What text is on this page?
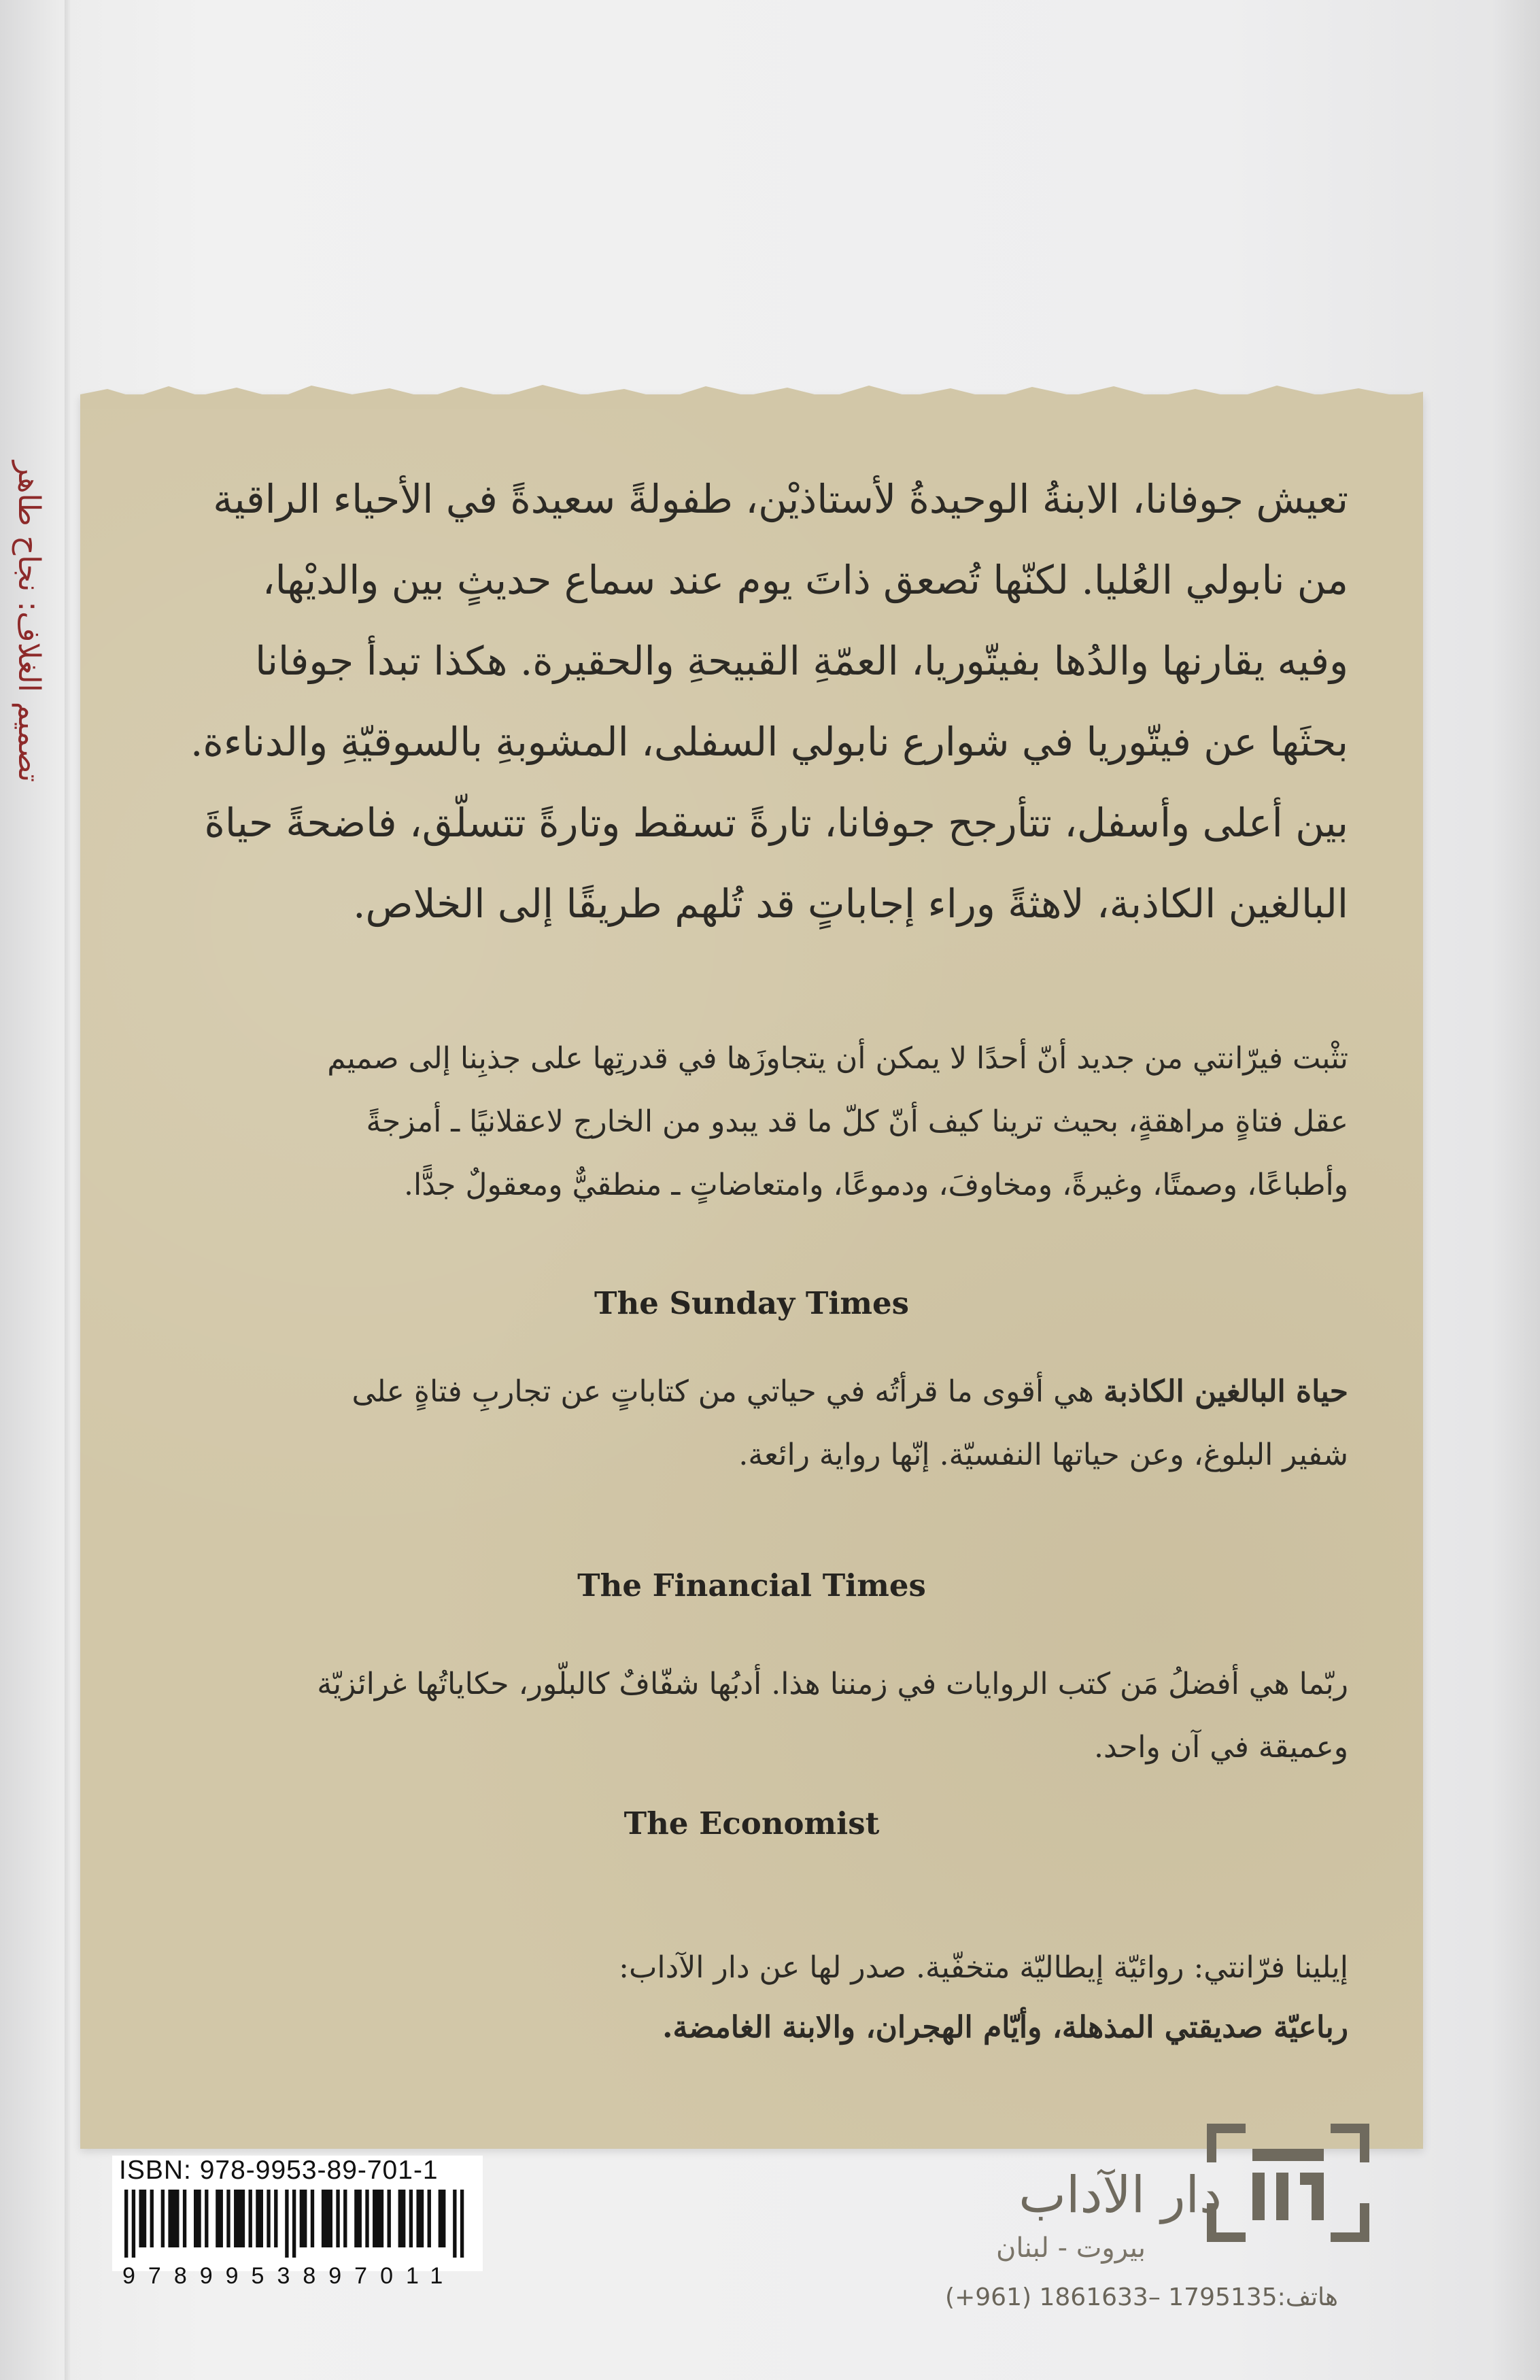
تصميم الغلاف: نجاح طاهر	تعيش جوفانا، الابنةُ الوحيدةُ لأستاذيْن، طفولةً سعيدةً في الأحياء الراقية

من نابولي العُليا. لكنّها تُصعق ذاتَ يوم عند سماع حديثٍ بين والديْها،

وفيه يقارنها والدُها بفيتّوريا، العمّةِ القبيحةِ والحقيرة. هكذا تبدأ جوفانا

بحثَها عن فيتّوريا في شوارع نابولي السفلى، المشوبةِ بالسوقيّةِ والدناءة.

بين أعلى وأسفل، تتأرجح جوفانا، تارةً تسقط وتارةً تتسلّق، فاضحةً حياةَ

البالغين الكاذبة، لاهثةً وراء إجاباتٍ قد تُلهم طريقًا إلى الخلاص.

تثْبت فيرّانتي من جديد أنّ أحدًا لا يمكن أن يتجاوزَها في قدرتِها على جذبِنا إلى صميم

عقل فتاةٍ مراهقةٍ، بحيث ترينا كيف أنّ كلّ ما قد يبدو من الخارج لاعقلانيًا ـ أمزجةً

وأطباعًا، وصمتًا، وغيرةً، ومخاوفَ، ودموعًا، وامتعاضاتٍ ـ منطقيٌّ ومعقولٌ جدًّا.

The Sunday Times

حياة البالغين الكاذبة هي أقوى ما قرأتُه في حياتي من كتاباتٍ عن تجاربِ فتاةٍ على

شفير البلوغ، وعن حياتها النفسيّة. إنّها رواية رائعة.

The Financial Times

ربّما هي أفضلُ مَن كتب الروايات في زمننا هذا. أدبُها شفّافٌ كالبلّور، حكاياتُها غرائزيّة

وعميقة في آن واحد.

The Economist

إيلينا فرّانتي: روائيّة إيطاليّة متخفّية. صدر لها عن دار الآداب:

رباعيّة صديقتي المذهلة، وأيّام الهجران، والابنة الغامضة.

ISBN: 978-9953-89-701-1
9789953897011
دار الآداب
بيروت - لبنان
هاتف:1795135 –1861633 (961+)
